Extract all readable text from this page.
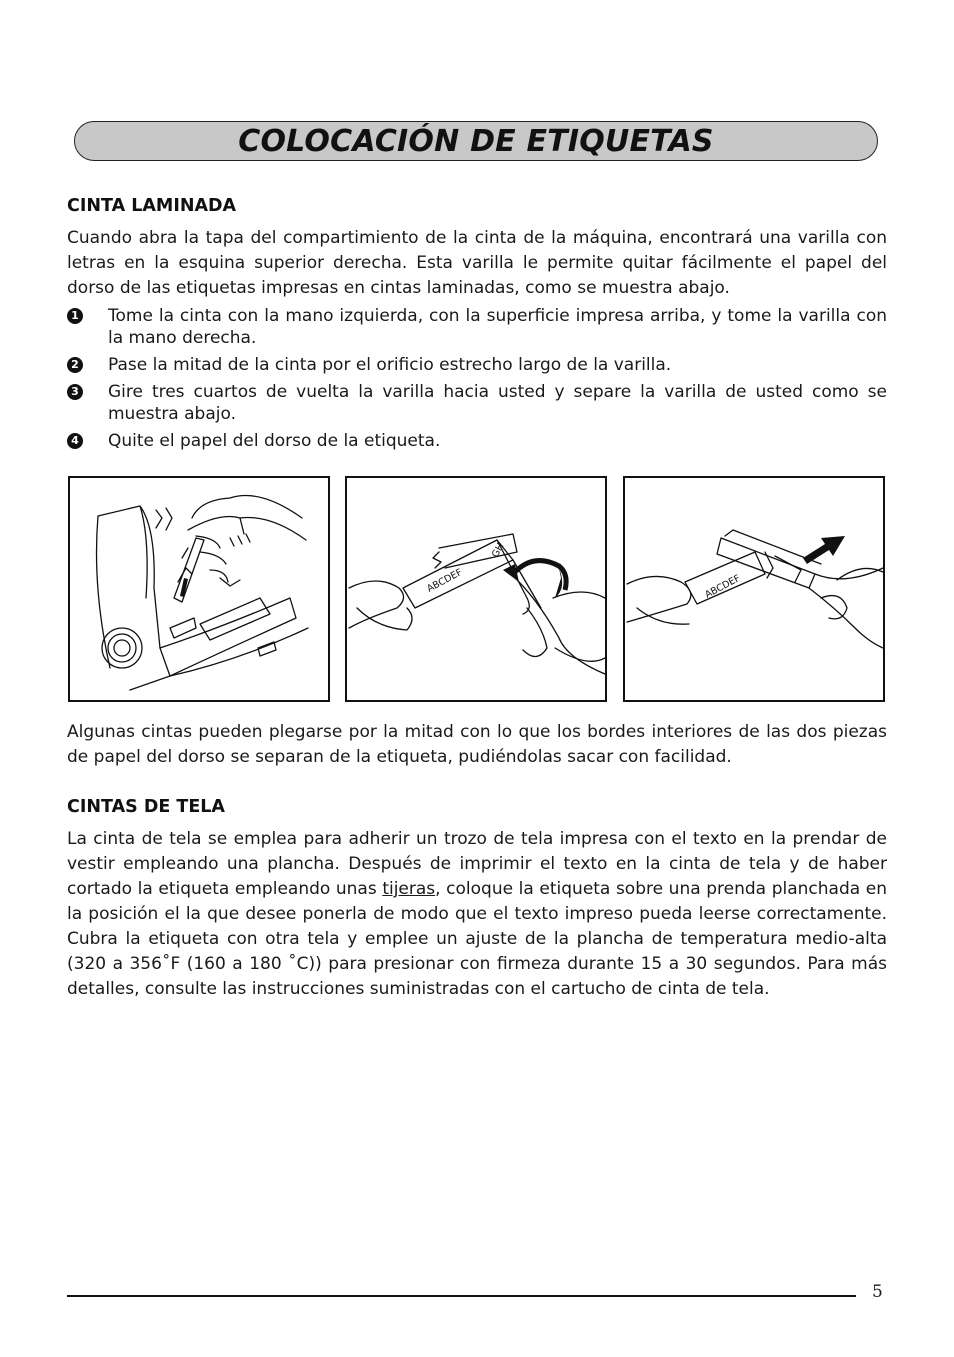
COLOCACIÓN DE ETIQUETAS
CINTA LAMINADA

Cuando abra la tapa del compartimiento de la cinta de la máquina, encontrará una varilla con letras en la esquina superior derecha. Esta varilla le permite quitar fácilmente el papel del dorso de las etiquetas impresas en cintas laminadas, como se muestra abajo.

1 Tome la cinta con la mano izquierda, con la superficie impresa arriba, y tome la varilla con la mano derecha.
2 Pase la mitad de la cinta por el orificio estrecho largo de la varilla.
3 Gire tres cuartos de vuelta la varilla hacia usted y separe la varilla de usted como se muestra abajo.
4 Quite el papel del dorso de la etiqueta.
ABCDEF
GH
ABCDEF

Algunas cintas pueden plegarse por la mitad con lo que los bordes interiores de las dos piezas de papel del dorso se separan de la etiqueta, pudiéndolas sacar con facilidad.

CINTAS DE TELA

La cinta de tela se emplea para adherir un trozo de tela impresa con el texto en la prendar de vestir empleando una plancha. Después de imprimir el texto en la cinta de tela y de haber cortado la etiqueta empleando unas tijeras, coloque la etiqueta sobre una prenda planchada en la posición el la que desee ponerla de modo que el texto impreso pueda leerse correctamente. Cubra la etiqueta con otra tela y emplee un ajuste de la plancha de temperatura medio-alta (320 a 356˚F (160 a 180 ˚C)) para presionar con firmeza durante 15 a 30 segundos. Para más detalles, consulte las instrucciones suministradas con el cartucho de cinta de tela.

5
